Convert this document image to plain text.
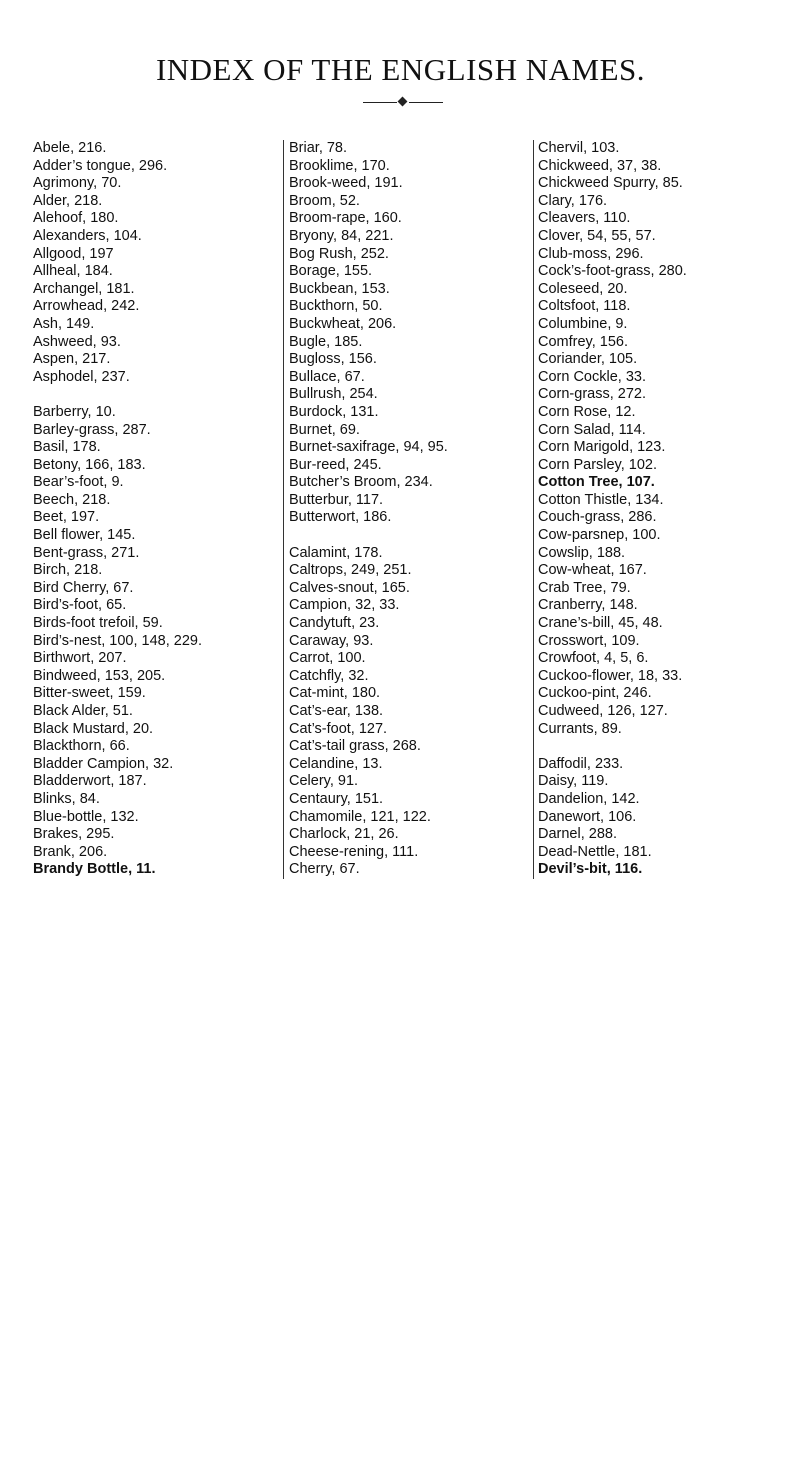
INDEX OF THE ENGLISH NAMES.

Abele, 216.

Adder’s tongue, 296.

Agrimony, 70.

Alder, 218.

Alehoof, 180.

Alexanders, 104.

Allgood, 197

Allheal, 184.

Archangel, 181.

Arrowhead, 242.

Ash, 149.

Ashweed, 93.

Aspen, 217.

Asphodel, 237.

Barberry, 10.

Barley-grass, 287.

Basil, 178.

Betony, 166, 183.

Bear’s-foot, 9.

Beech, 218.

Beet, 197.

Bell flower, 145.

Bent-grass, 271.

Birch, 218.

Bird Cherry, 67.

Bird’s-foot, 65.

Birds-foot trefoil, 59.

Bird’s-nest, 100, 148, 229.

Birthwort, 207.

Bindweed, 153, 205.

Bitter-sweet, 159.

Black Alder, 51.

Black Mustard, 20.

Blackthorn, 66.

Bladder Campion, 32.

Bladderwort, 187.

Blinks, 84.

Blue-bottle, 132.

Brakes, 295.

Brank, 206.

Brandy Bottle, 11.

Briar, 78.

Brooklime, 170.

Brook-weed, 191.

Broom, 52.

Broom-rape, 160.

Bryony, 84, 221.

Bog Rush, 252.

Borage, 155.

Buckbean, 153.

Buckthorn, 50.

Buckwheat, 206.

Bugle, 185.

Bugloss, 156.

Bullace, 67.

Bullrush, 254.

Burdock, 131.

Burnet, 69.

Burnet-saxifrage, 94, 95.

Bur-reed, 245.

Butcher’s Broom, 234.

Butterbur, 117.

Butterwort, 186.

Calamint, 178.

Caltrops, 249, 251.

Calves-snout, 165.

Campion, 32, 33.

Candytuft, 23.

Caraway, 93.

Carrot, 100.

Catchfly, 32.

Cat-mint, 180.

Cat’s-ear, 138.

Cat’s-foot, 127.

Cat’s-tail grass, 268.

Celandine, 13.

Celery, 91.

Centaury, 151.

Chamomile, 121, 122.

Charlock, 21, 26.

Cheese-rening, 111.

Cherry, 67.

Chervil, 103.

Chickweed, 37, 38.

Chickweed Spurry, 85.

Clary, 176.

Cleavers, 110.

Clover, 54, 55, 57.

Club-moss, 296.

Cock’s-foot-grass, 280.

Coleseed, 20.

Coltsfoot, 118.

Columbine, 9.

Comfrey, 156.

Coriander, 105.

Corn Cockle, 33.

Corn-grass, 272.

Corn Rose, 12.

Corn Salad, 114.

Corn Marigold, 123.

Corn Parsley, 102.

Cotton Tree, 107.

Cotton Thistle, 134.

Couch-grass, 286.

Cow-parsnep, 100.

Cowslip, 188.

Cow-wheat, 167.

Crab Tree, 79.

Cranberry, 148.

Crane’s-bill, 45, 48.

Crosswort, 109.

Crowfoot, 4, 5, 6.

Cuckoo-flower, 18, 33.

Cuckoo-pint, 246.

Cudweed, 126, 127.

Currants, 89.

Daffodil, 233.

Daisy, 119.

Dandelion, 142.

Danewort, 106.

Darnel, 288.

Dead-Nettle, 181.

Devil’s-bit, 116.
